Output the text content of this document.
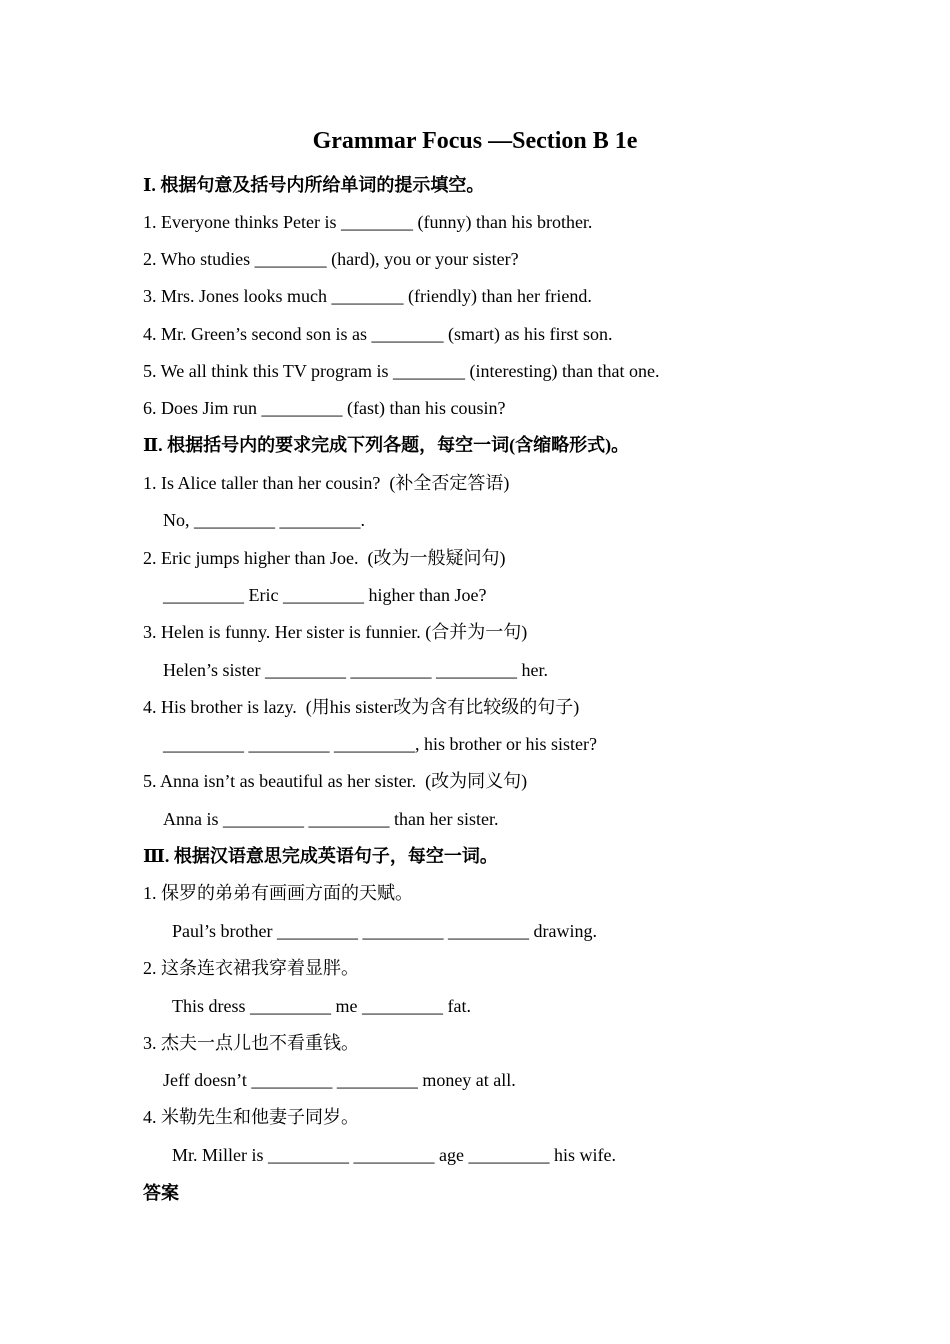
Grammar Focus —Section B 1e
Ⅰ. 根据句意及括号内所给单词的提示填空。
1. Everyone thinks Peter is ________ (funny) than his brother.
2. Who studies ________ (hard), you or your sister?
3. Mrs. Jones looks much ________ (friendly) than her friend.
4. Mr. Green’s second son is as ________ (smart) as his first son.
5. We all think this TV program is ________ (interesting) than that one.
6. Does Jim run _________ (fast) than his cousin?
Ⅱ. 根据括号内的要求完成下列各题，每空一词(含缩略形式)。
1. Is Alice taller than her cousin?  (补全否定答语)
No, _________ _________.
2. Eric jumps higher than Joe.  (改为一般疑问句)
_________ Eric _________ higher than Joe?
3. Helen is funny. Her sister is funnier. (合并为一句)
Helen’s sister _________ _________ _________ her.
4. His brother is lazy.  (用his sister改为含有比较级的句子)
_________ _________ _________, his brother or his sister?
5. Anna isn’t as beautiful as her sister.  (改为同义句)
Anna is _________ _________ than her sister.
Ⅲ. 根据汉语意思完成英语句子，每空一词。
1. 保罗的弟弟有画画方面的天赋。
Paul’s brother _________ _________ _________ drawing.
2. 这条连衣裙我穿着显胖。
This dress _________ me _________ fat.
3. 杰夫一点儿也不看重钱。
Jeff doesn’t _________ _________ money at all.
4. 米勒先生和他妻子同岁。
Mr. Miller is _________ _________ age _________ his wife.
答案
